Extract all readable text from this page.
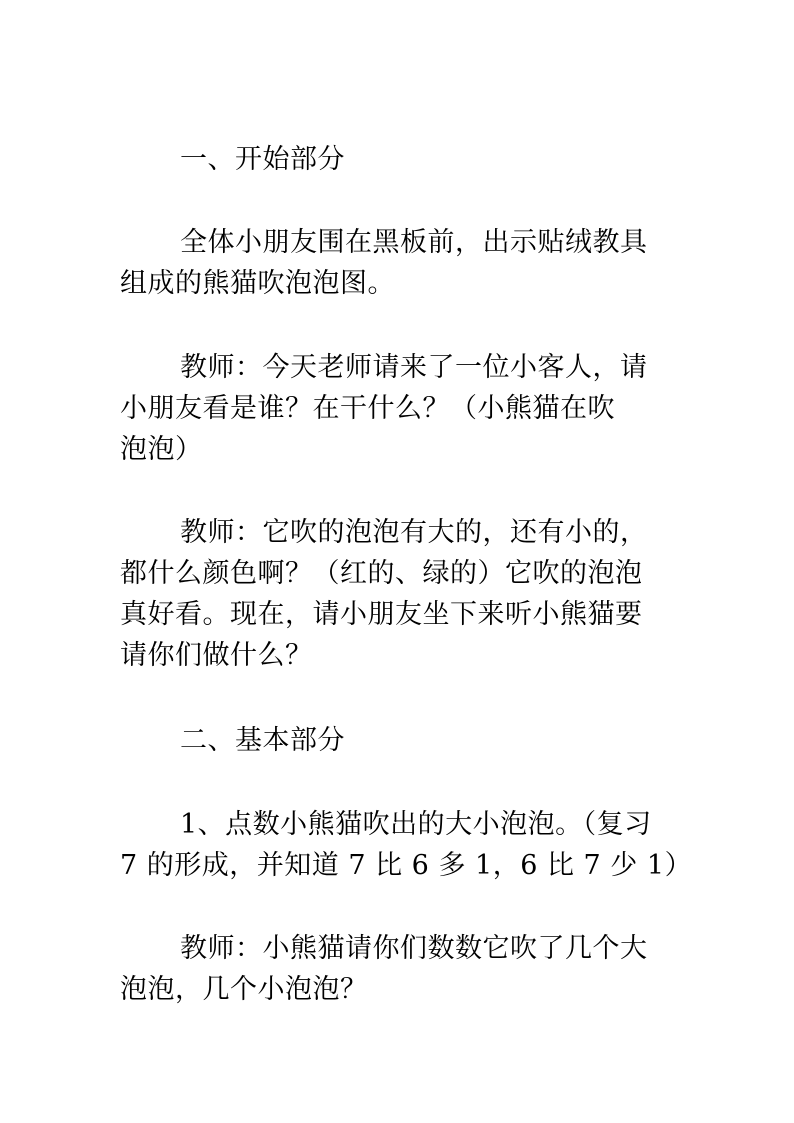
一、开始部分
全体小朋友围在黑板前，出示贴绒教具
组成的熊猫吹泡泡图。
教师：今天老师请来了一位小客人，请
小朋友看是谁？在干什么？（小熊猫在吹
泡泡）
教师：它吹的泡泡有大的，还有小的，
都什么颜色啊？（红的、绿的）它吹的泡泡
真好看。现在，请小朋友坐下来听小熊猫要
请你们做什么？
二、基本部分
1、点数小熊猫吹出的大小泡泡。（复习
7 的形成，并知道 7 比 6 多 1，6 比 7 少 1）
教师：小熊猫请你们数数它吹了几个大
泡泡，几个小泡泡？
